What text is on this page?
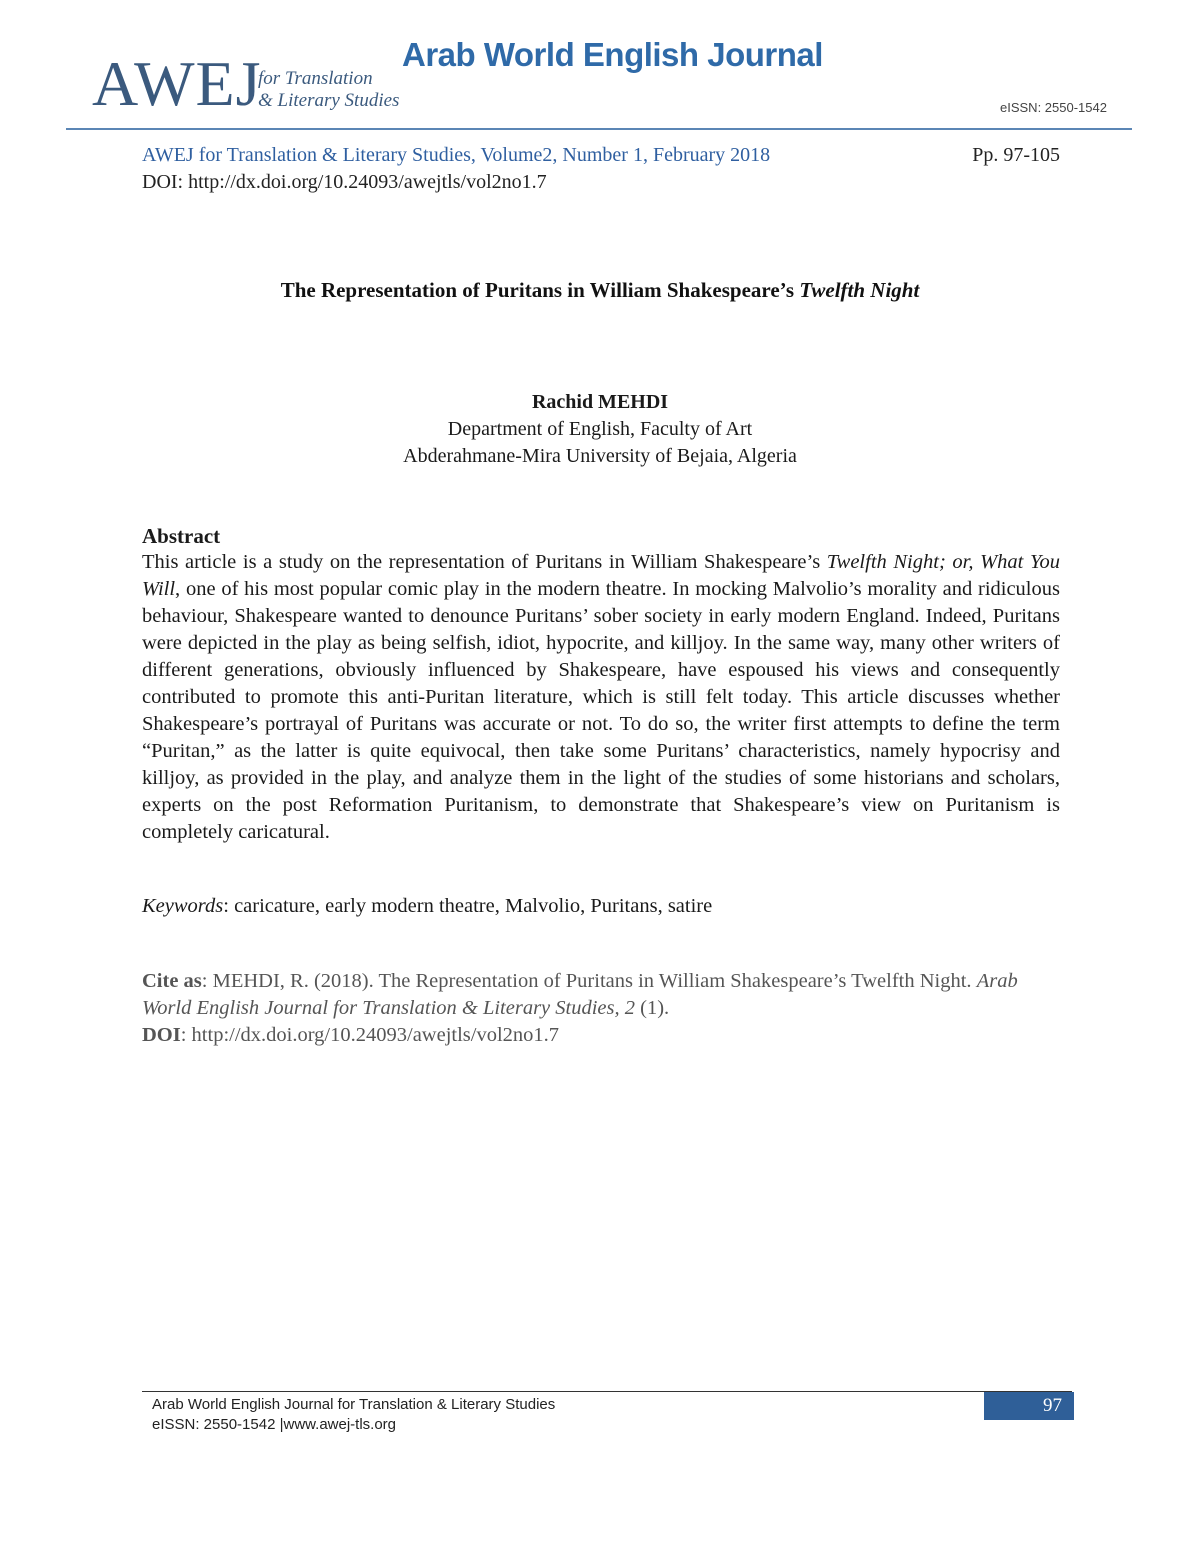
AWEJ
for Translation
& Literary Studies
Arab World English Journal
eISSN: 2550-1542
AWEJ for Translation & Literary Studies, Volume2, Number 1, February 2018	Pp. 97-105
DOI: http://dx.doi.org/10.24093/awejtls/vol2no1.7
The Representation of Puritans in William Shakespeare’s Twelfth Night
Rachid MEHDI
Department of English, Faculty of Art
Abderahmane-Mira University of Bejaia, Algeria
Abstract
This article is a study on the representation of Puritans in William Shakespeare’s Twelfth Night; or, What You Will, one of his most popular comic play in the modern theatre. In mocking Malvolio’s morality and ridiculous behaviour, Shakespeare wanted to denounce Puritans’ sober society in early modern England. Indeed, Puritans were depicted in the play as being selfish, idiot, hypocrite, and killjoy. In the same way, many other writers of different generations, obviously influenced by Shakespeare, have espoused his views and consequently contributed to promote this anti-Puritan literature, which is still felt today. This article discusses whether Shakespeare’s portrayal of Puritans was accurate or not. To do so, the writer first attempts to define the term “Puritan,” as the latter is quite equivocal, then take some Puritans’ characteristics, namely hypocrisy and killjoy, as provided in the play, and analyze them in the light of the studies of some historians and scholars, experts on the post Reformation Puritanism, to demonstrate that Shakespeare’s view on Puritanism is completely caricatural.
Keywords: caricature, early modern theatre, Malvolio, Puritans, satire
Cite as: MEHDI, R. (2018). The Representation of Puritans in William Shakespeare’s Twelfth Night. Arab World English Journal for Translation & Literary Studies, 2 (1).
DOI: http://dx.doi.org/10.24093/awejtls/vol2no1.7
Arab World English Journal for Translation & Literary Studies
eISSN: 2550-1542 |www.awej-tls.org
97
